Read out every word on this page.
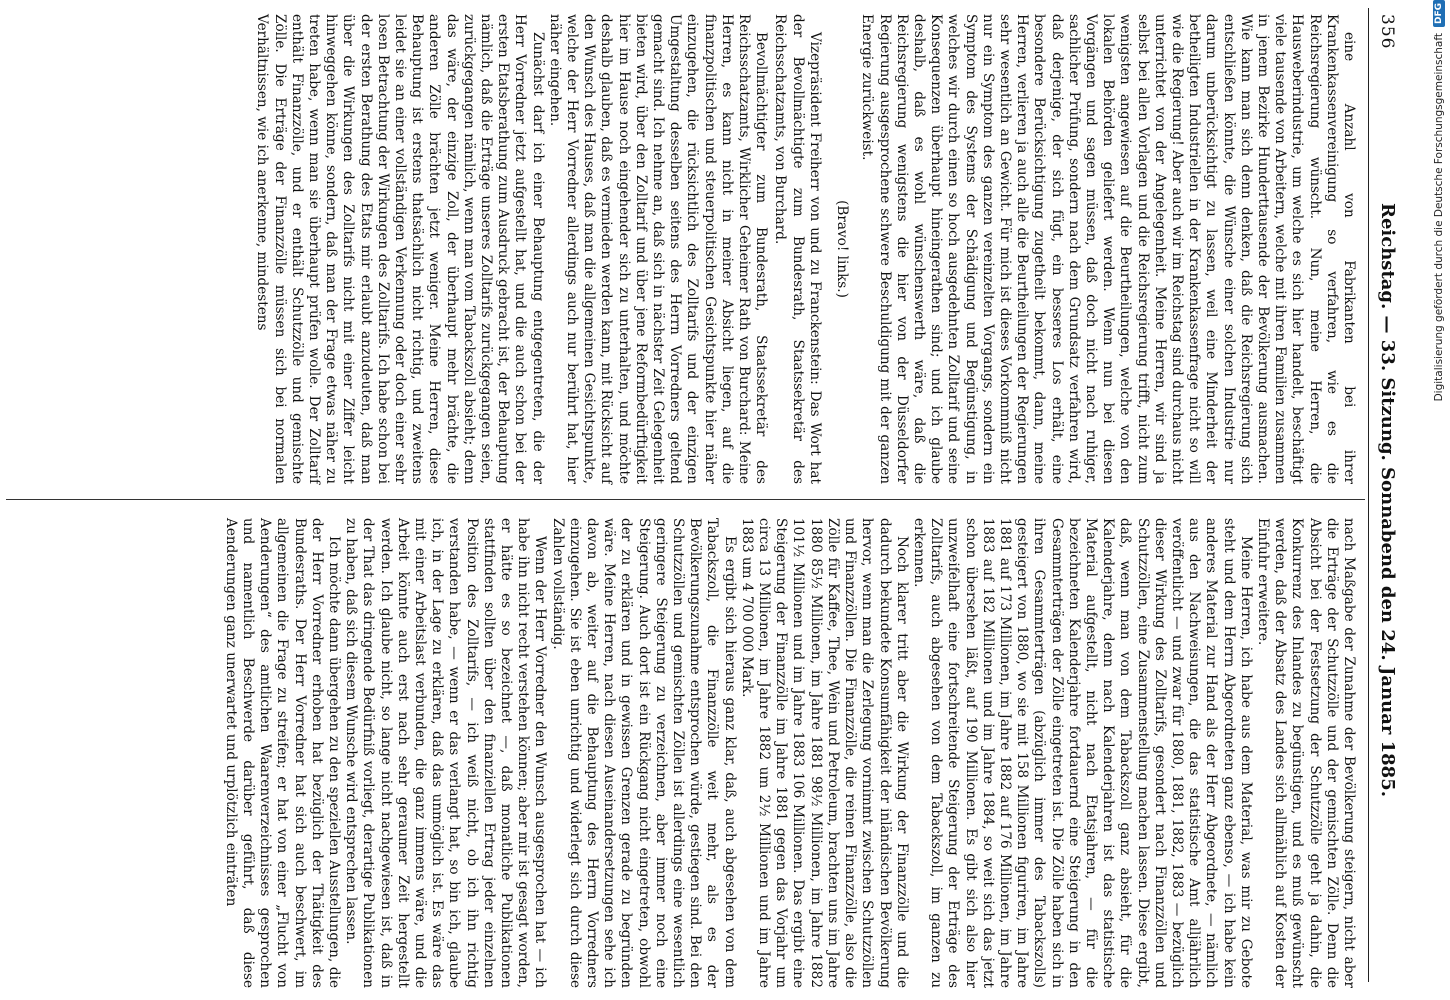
356
Reichstag. — 33. Sitzung. Sonnabend den 24. Januar 1885.

eine Anzahl von Fabrikanten bei ihrer Krankenkassenvereinigung so verfahren, wie es die Reichsregierung wünscht. Nun, meine Herren, die Hausweberindustrie, um welche es sich hier handelt, beschäftigt viele tausende von Arbeitern, welche mit ihren Familien zusammen in jenem Bezirke Hunderttausende der Bevölkerung ausmachen. Wie kann man sich denn denken, daß die Reichsregierung sich entschließen könnte, die Wünsche einer solchen Industrie nur darum unberücksichtigt zu lassen, weil eine Minderheit der betheiligten Industriellen in der Krankenkassenfrage nicht so will wie die Regierung! Aber auch wir im Reichstag sind durchaus nicht unterrichtet von der Angelegenheit. Meine Herren, wir sind ja selbst bei allen Vorlagen und die Reichsregierung trifft, nicht zum wenigsten angewiesen auf die Beurtheilungen, welche von den lokalen Behörden geliefert werden. Wenn nun bei diesen Vorgängen und sagen müssen, daß doch nicht nach ruhiger, sachlicher Prüfung, sondern nach dem Grundsatz verfahren wird, daß derjenige, der sich fügt, ein besseres Los erhält, eine besondere Berücksichtigung zugetheilt bekommt, dann, meine Herren, verlieren ja auch alle die Beurtheilungen der Regierungen sehr wesentlich an Gewicht. Für mich ist dieses Vorkommniß nicht nur ein Symptom des ganzen vereinzelten Vorgangs, sondern ein Symptom des Systems der Schädigung und Begünstigung, in welches wir durch einen so hoch ausgedehnten Zolltarif und seine Konsequenzen überhaupt hineingerathen sind; und ich glaube deshalb, daß es wohl wünschenswerth wäre, daß die Reichsregierung wenigstens die hier von der Düsseldorfer Regierung ausgesprochene schwere Beschuldigung mit der ganzen Energie zurückweist.

(Bravo! links.)

Vizepräsident Freiherr von und zu Franckenstein: Das Wort hat der Bevollmächtigte zum Bundesrath, Staatssekretär des Reichsschatzamts, von Burchard.

Bevollmächtigter zum Bundesrath, Staatssekretär des Reichsschatzamts, Wirklicher Geheimer Rath von Burchard: Meine Herren, es kann nicht in meiner Absicht liegen, auf die finanzpolitischen und steuerpolitischen Gesichtspunkte hier näher einzugehen, die rücksichtlich des Zolltarifs und der einzigen Umgestaltung desselben seitens des Herrn Vorredners geltend gemacht sind. Ich nehme an, daß sich in nächster Zeit Gelegenheit bieten wird, über den Zolltarif und über jene Reformbedürftigkeit hier im Hause noch eingehender sich zu unterhalten, und möchte deshalb glauben, daß es vermieden werden kann, mit Rücksicht auf den Wunsch des Hauses, daß man die allgemeinen Gesichtspunkte, welche der Herr Vorredner allerdings auch nur berührt hat, hier näher eingehen.

Zunächst darf ich einer Behauptung entgegentreten, die der Herr Vorredner jetzt aufgestellt hat, und die auch schon bei der ersten Etatsberathung zum Ausdruck gebracht ist, der Behauptung nämlich, daß die Erträge unseres Zolltarifs zurückgegangen seien, zurückgegangen nämlich, wenn man vom Tabackszoll absieht; denn das wäre, der einzige Zoll, der überhaupt mehr brächte, die anderen Zölle brächten jetzt weniger. Meine Herren, diese Behauptung ist erstens thatsächlich nicht richtig, und zweitens leidet sie an einer vollständigen Verkennung oder doch einer sehr losen Betrachtung der Wirkungen des Zolltarifs. Ich habe schon bei der ersten Berathung des Etats mir erlaubt anzudeuten, daß man über die Wirkungen des Zolltarifs nicht mit einer Ziffer leicht hinweggehen könne, sondern, daß man der Frage etwas näher zu treten habe, wenn man sie überhaupt prüfen wolle. Der Zolltarif enthält Finanzzölle, und er enthält Schutzzölle und gemischte Zölle. Die Erträge der Finanzzölle müssen sich bei normalen Verhältnissen, wie ich anerkenne, mindestens

nach Maßgabe der Zunahme der Bevölkerung steigern, nicht aber die Erträge der Schutzzölle und der gemischten Zölle. Denn die Absicht bei der Festsetzung der Schutzzölle geht ja dahin, die Konkurrenz des Inlandes zu begünstigen, und es muß gewünscht werden, daß der Absatz des Landes sich allmählich auf Kosten der Einfuhr erweitere.

Meine Herren, ich habe aus dem Material, was mir zu Gebote steht und dem Herrn Abgeordneten ganz ebenso, — ich habe kein anderes Material zur Hand als der Herr Abgeordnete, — nämlich aus den Nachweisungen, die das statistische Amt alljährlich veröffentlicht — und zwar für 1880, 1881, 1882, 1883 — bezüglich dieser Wirkung des Zolltarifs, gesondert nach Finanzzöllen und Schutzzöllen, eine Zusammenstellung machen lassen. Diese ergibt, daß, wenn man von dem Tabackszoll ganz absieht, für die Kalenderjahre, denn nach Kalenderjahren ist das statistische Material aufgestellt, nicht nach Etatsjahren, — für die bezeichneten Kalenderjahre fortdauernd eine Steigerung in den Gesammterträgen der Zölle eingetreten ist. Die Zölle haben sich in ihren Gesammterträgen (abzüglich immer des Tabackszolls) gesteigert von 1880, wo sie mit 158 Millionen figuriren, im Jahre 1881 auf 173 Millionen, im Jahre 1882 auf 176 Millionen, im Jahre 1883 auf 182 Millionen und im Jahre 1884, so weit sich das jetzt schon übersehen läßt, auf 190 Millionen. Es gibt sich also hier unzweifelhaft eine fortschreitende Steigerung der Erträge des Zolltarifs, auch abgesehen von dem Tabackszoll, im ganzen zu erkennen.

Noch klarer tritt aber die Wirkung der Finanzzölle und die dadurch bekundete Konsumfähigkeit der inländischen Bevölkerung hervor, wenn man die Zerlegung vornimmt zwischen Schutzzöllen und Finanzzöllen. Die Finanzzölle, die reinen Finanzzölle, also die Zölle für Kaffee, Thee, Wein und Petroleum, brachten uns im Jahre 1880 85½ Millionen, im Jahre 1881 98½ Millionen, im Jahre 1882 101½ Millionen und im Jahre 1883 106 Millionen. Das ergibt eine Steigerung der Finanzzölle im Jahre 1881 gegen das Vorjahr um circa 13 Millionen, im Jahre 1882 um 2½ Millionen und im Jahre 1883 um 4 700 000 Mark.

Es ergibt sich hieraus ganz klar, daß, auch abgesehen von dem Tabackszoll, die Finanzzölle weit mehr, als es der Bevölkerungszunahme entsprochen würde, gestiegen sind. Bei den Schutzzöllen und gemischten Zöllen ist allerdings eine wesentlich geringere Steigerung zu verzeichnen, aber immer noch eine Steigerung. Auch dort ist ein Rückgang nicht eingetreten, obwohl der zu erklären und in gewissen Grenzen gerade zu begründen wäre. Meine Herren, nach diesen Auseinandersetzungen sehe ich davon ab, weiter auf die Behauptung des Herrn Vorredners einzugehen. Sie ist eben unrichtig und widerlegt sich durch diese Zahlen vollständig.

Wenn der Herr Vorredner den Wunsch ausgesprochen hat — ich habe ihn nicht recht verstehen können; aber mir ist gesagt worden, er hätte es so bezeichnet —, daß monatliche Publikationen stattfinden sollten über den finanziellen Ertrag jeder einzelnen Position des Zolltarifs, — ich weiß nicht, ob ich ihn richtig verstanden habe, — wenn er das verlangt hat, so bin ich, glaube ich, in der Lage zu erklären, daß das unmöglich ist. Es wäre das mit einer Arbeitslast verbunden, die ganz immens wäre, und die Arbeit könnte auch erst nach sehr geraumer Zeit hergestellt werden. Ich glaube nicht, so lange nicht nachgewiesen ist, daß in der That das dringende Bedürfniß vorliegt, derartige Publikationen zu haben, daß sich diesem Wunsche wird entsprechen lassen.

Ich möchte dann übergehen zu den speziellen Ausstellungen, die der Herr Vorredner erhoben hat bezüglich der Thätigkeit des Bundesraths. Der Herr Vorredner hat sich auch beschwert, im allgemeinen die Frage zu streifen; er hat von einer „Flucht von Aenderungen“ des amtlichen Waarenverzeichnisses gesprochen und namentlich Beschwerde darüber geführt, daß diese Aenderungen ganz unerwartet und urplötzlich einträten

Digitalisierung gefördert durch die Deutsche Forschungsgemeinschaft
DFG
